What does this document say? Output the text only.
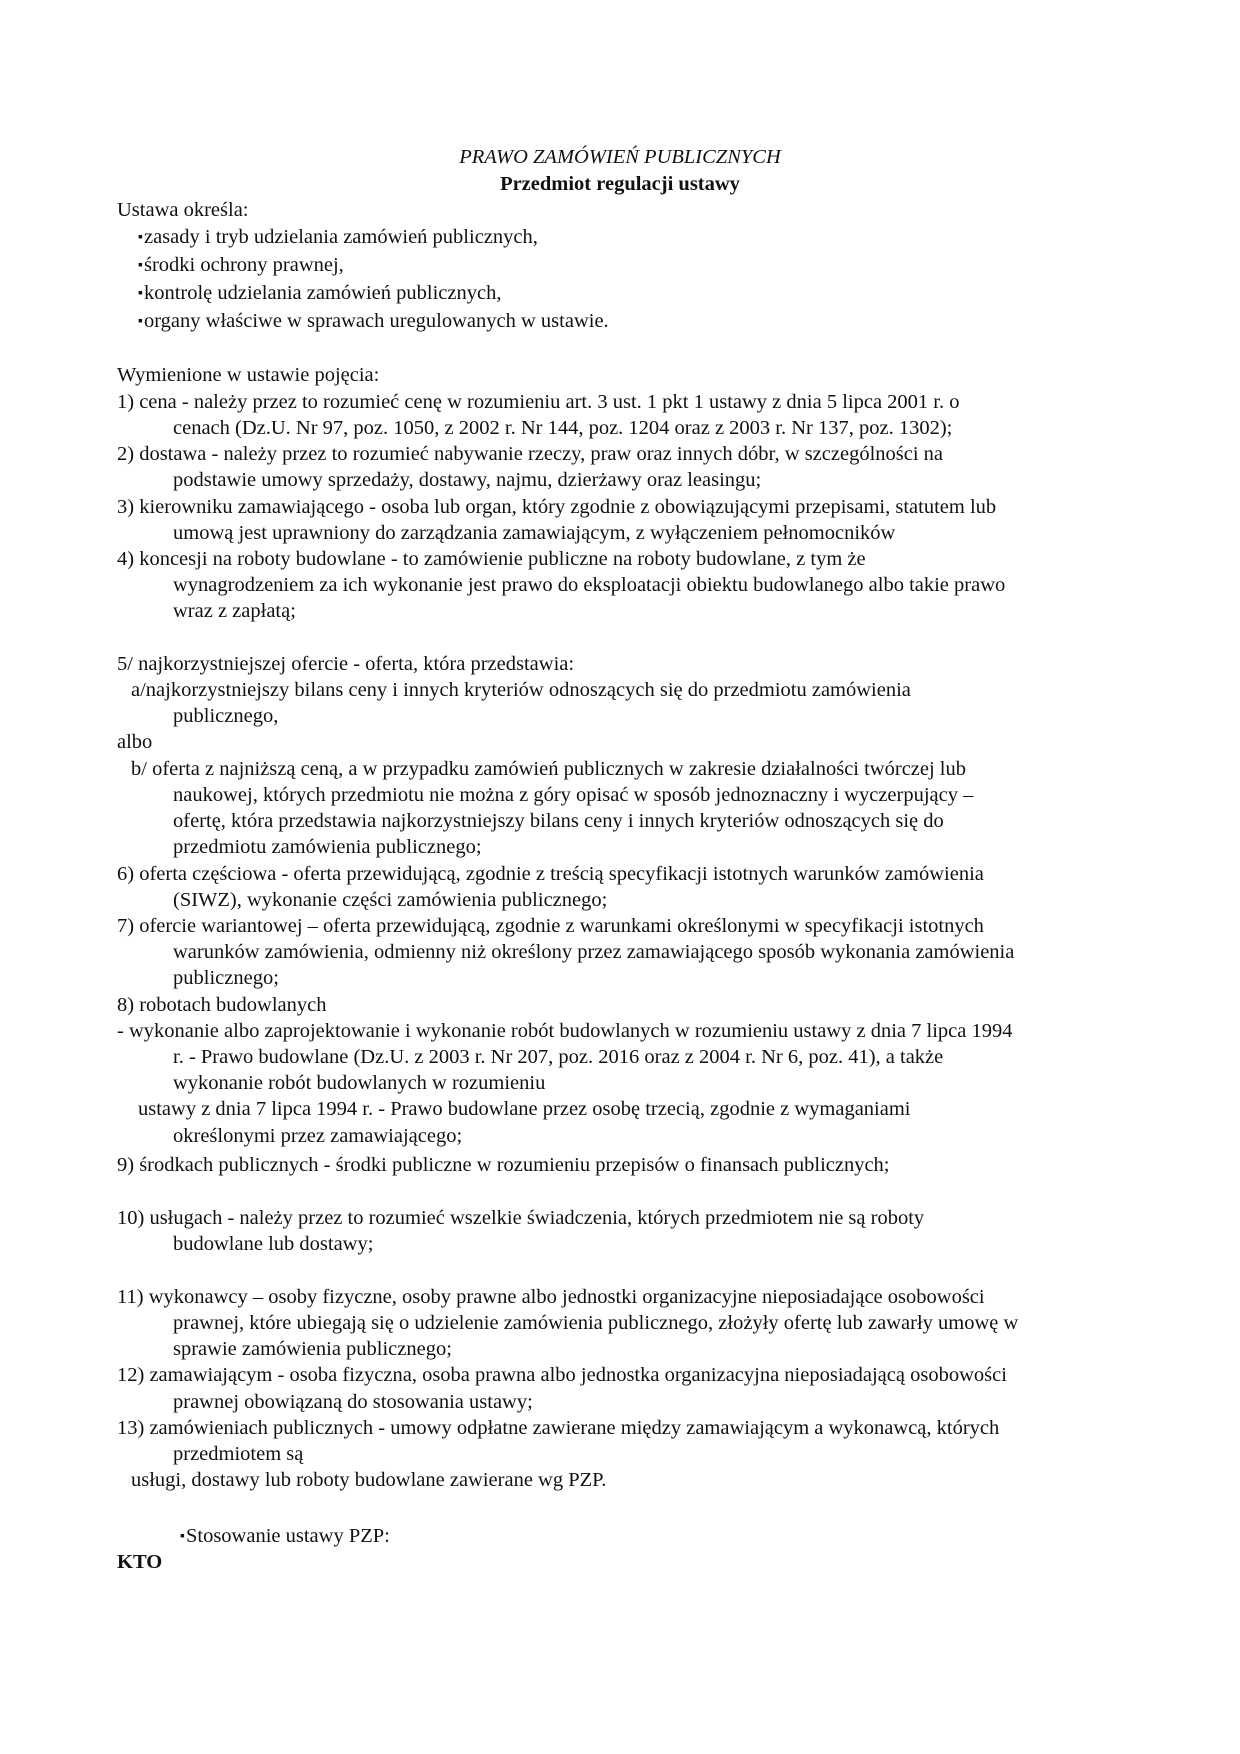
PRAWO ZAMÓWIEŃ PUBLICZNYCH
Przedmiot regulacji ustawy
Ustawa określa:
▪ zasady i tryb udzielania zamówień publicznych,
▪ środki ochrony prawnej,
▪ kontrolę udzielania zamówień publicznych,
▪ organy właściwe w sprawach uregulowanych w ustawie.
Wymienione w ustawie pojęcia:
1) cena - należy przez to rozumieć cenę w rozumieniu art. 3 ust. 1 pkt 1 ustawy z dnia 5 lipca 2001 r. o
cenach (Dz.U. Nr 97, poz. 1050, z 2002 r. Nr 144, poz. 1204 oraz z 2003 r. Nr 137, poz. 1302);
2) dostawa - należy przez to rozumieć nabywanie rzeczy, praw oraz innych dóbr, w szczególności na
podstawie umowy sprzedaży, dostawy, najmu, dzierżawy oraz leasingu;
3) kierowniku zamawiającego - osoba lub organ, który zgodnie z obowiązującymi przepisami, statutem lub
umową jest uprawniony do zarządzania zamawiającym, z wyłączeniem pełnomocników
4) koncesji na roboty budowlane - to zamówienie publiczne na roboty budowlane, z tym że
wynagrodzeniem za ich wykonanie jest prawo do eksploatacji obiektu budowlanego albo takie prawo
wraz z zapłatą;
5/ najkorzystniejszej ofercie - oferta, która przedstawia:
a/najkorzystniejszy bilans ceny i innych kryteriów odnoszących się do przedmiotu zamówienia
publicznego,
albo
b/ oferta z najniższą ceną, a w przypadku zamówień publicznych w zakresie działalności twórczej lub
naukowej, których przedmiotu nie można z góry opisać w sposób jednoznaczny i wyczerpujący –
ofertę, która przedstawia najkorzystniejszy bilans ceny i innych kryteriów odnoszących się do
przedmiotu zamówienia publicznego;
6) oferta częściowa - oferta przewidującą, zgodnie z treścią specyfikacji istotnych warunków zamówienia
(SIWZ), wykonanie części zamówienia publicznego;
7) ofercie wariantowej – oferta przewidującą, zgodnie z warunkami określonymi w specyfikacji istotnych
warunków zamówienia, odmienny niż określony przez zamawiającego sposób wykonania zamówienia
publicznego;
8) robotach budowlanych
- wykonanie albo zaprojektowanie i wykonanie robót budowlanych w rozumieniu ustawy z dnia 7 lipca 1994
r. - Prawo budowlane (Dz.U. z 2003 r. Nr 207, poz. 2016 oraz z 2004 r. Nr 6, poz. 41), a także
wykonanie robót budowlanych w rozumieniu
ustawy z dnia 7 lipca 1994 r. - Prawo budowlane przez osobę trzecią, zgodnie z wymaganiami
określonymi przez zamawiającego;
9) środkach publicznych - środki publiczne w rozumieniu przepisów o finansach publicznych;
10) usługach - należy przez to rozumieć wszelkie świadczenia, których przedmiotem nie są roboty
budowlane lub dostawy;
11) wykonawcy – osoby fizyczne, osoby prawne albo jednostki organizacyjne nieposiadające osobowości
prawnej, które ubiegają się o udzielenie zamówienia publicznego, złożyły ofertę lub zawarły umowę w
sprawie zamówienia publicznego;
12) zamawiającym - osoba fizyczna, osoba prawna albo jednostka organizacyjna nieposiadającą osobowości
prawnej obowiązaną do stosowania ustawy;
13) zamówieniach publicznych - umowy odpłatne zawierane między zamawiającym a wykonawcą, których
przedmiotem są
usługi, dostawy lub roboty budowlane zawierane wg PZP.
▪ Stosowanie ustawy PZP:
KTO
